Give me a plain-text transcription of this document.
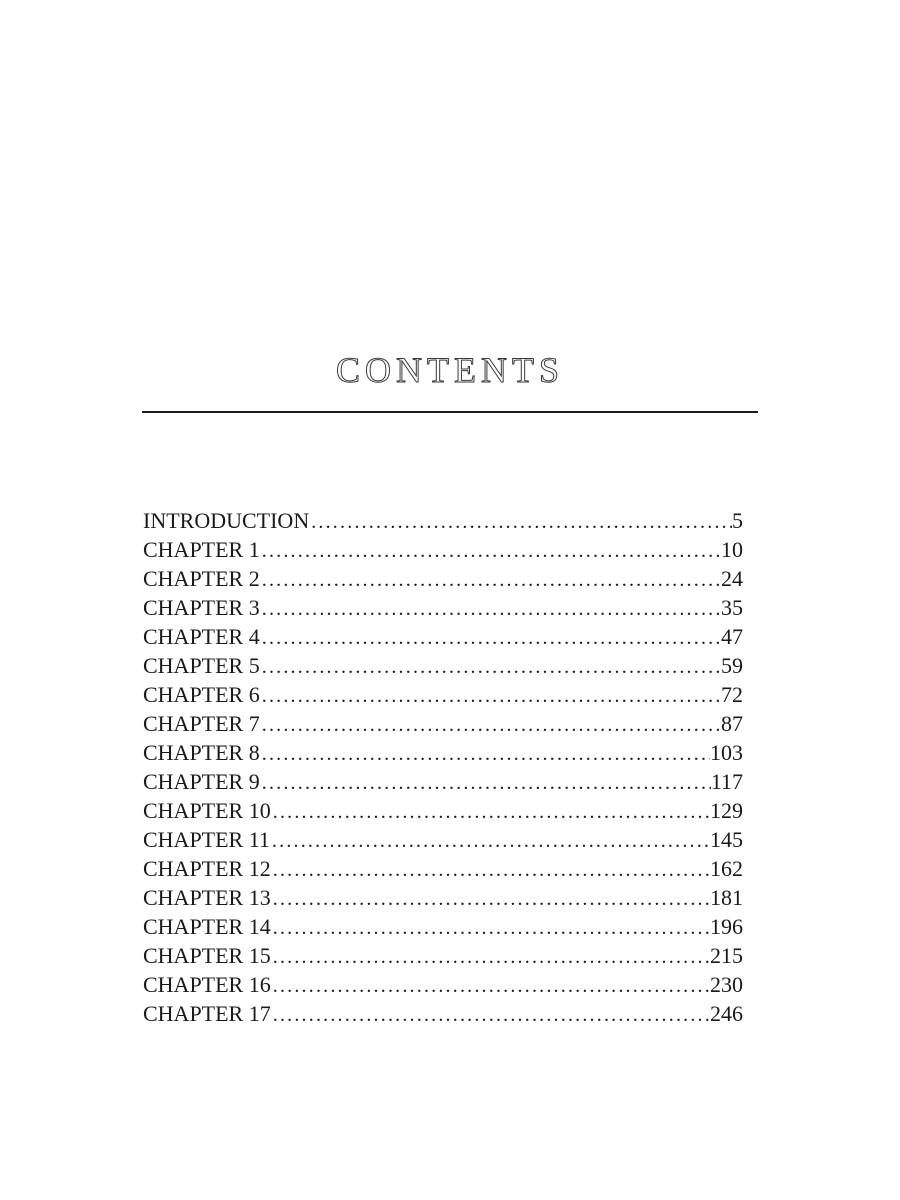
CONTENTS
INTRODUCTION .....	5
CHAPTER 1 .....	10
CHAPTER 2 .....	24
CHAPTER 3 .....	35
CHAPTER 4 .....	47
CHAPTER 5 .....	59
CHAPTER 6 .....	72
CHAPTER 7 .....	87
CHAPTER 8 .....	103
CHAPTER 9 .....	117
CHAPTER 10 .....	129
CHAPTER 11 .....	145
CHAPTER 12 .....	162
CHAPTER 13 .....	181
CHAPTER 14 .....	196
CHAPTER 15 .....	215
CHAPTER 16 .....	230
CHAPTER 17 .....	246
